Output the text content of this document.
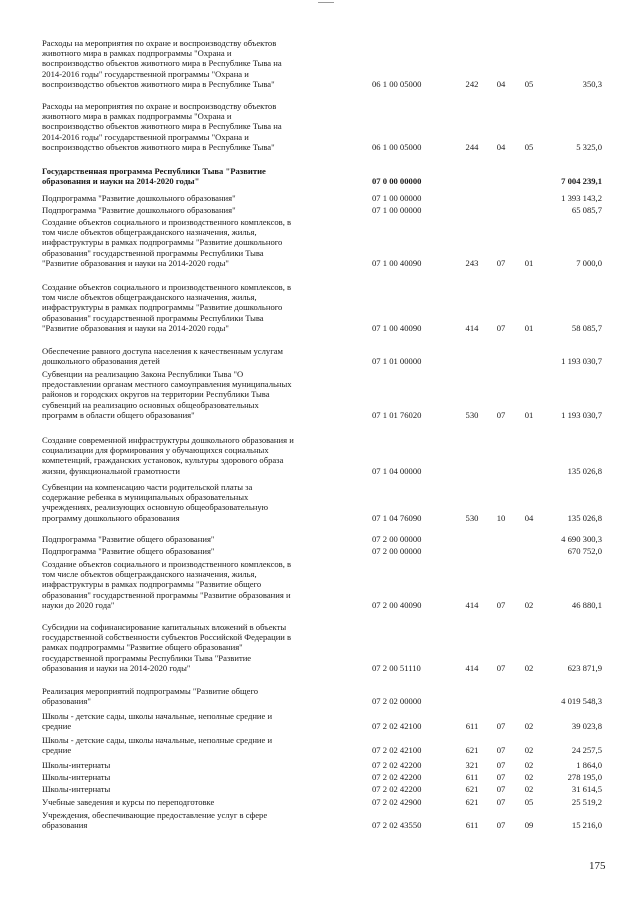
Расходы на мероприятия по охране и воспроизводству объектов
животного мира в рамках подпрограммы "Охрана и
воспроизводство объектов животного мира в Республике Тыва на
2014-2016 годы" государственной программы "Охрана и
воспроизводство объектов животного мира в Республике Тыва"	06 1 00 05000	242	04	05	350,3
Расходы на мероприятия по охране и воспроизводству объектов
животного мира в рамках подпрограммы "Охрана и
воспроизводство объектов животного мира в Республике Тыва на
2014-2016 годы" государственной программы "Охрана и
воспроизводство объектов животного мира в Республике Тыва"	06 1 00 05000	244	04	05	5 325,0
Государственная программа Республики Тыва "Развитие
образования и науки на 2014-2020 годы"	07 0 00 00000	7 004 239,1
Подпрограмма "Развитие дошкольного образования"	07 1 00 00000	1 393 143,2
Подпрограмма "Развитие дошкольного образования"	07 1 00 00000	65 085,7
Создание объектов социального и производственного комплексов, в
том числе объектов общегражданского назначения, жилья,
инфраструктуры в рамках подпрограммы "Развитие дошкольного
образования" государственной программы Республики Тыва
"Развитие образования и науки на 2014-2020 годы"	07 1 00 40090	243	07	01	7 000,0
Создание объектов социального и производственного комплексов, в
том числе объектов общегражданского назначения, жилья,
инфраструктуры в рамках подпрограммы "Развитие дошкольного
образования" государственной программы Республики Тыва
"Развитие образования и науки на 2014-2020 годы"	07 1 00 40090	414	07	01	58 085,7
Обеспечение равного доступа населения к качественным услугам
дошкольного образования детей	07 1 01 00000	1 193 030,7
Субвенции на реализацию Закона Республики Тыва "О
предоставлении органам местного самоуправления муниципальных
районов и городских округов на территории Республики Тыва
субвенций на реализацию основных общеобразовательных
программ в области общего образования"	07 1 01 76020	530	07	01	1 193 030,7
Создание современной инфраструктуры дошкольного образования и
социализации для формирования у обучающихся социальных
компетенций, гражданских установок, культуры здорового образа
жизни, функциональной грамотности	07 1 04 00000	135 026,8
Субвенции на компенсацию части родительской платы за
содержание ребенка в муниципальных образовательных
учреждениях, реализующих основную общеобразовательную
программу дошкольного образования	07 1 04 76090	530	10	04	135 026,8
Подпрограмма "Развитие общего образования"	07 2 00 00000	4 690 300,3
Подпрограмма "Развитие общего образования"	07 2 00 00000	670 752,0
Создание объектов социального и производственного комплексов, в
том числе объектов общегражданского назначения, жилья,
инфраструктуры в рамках подпрограммы "Развитие общего
образования" государственной программы "Развитие образования и
науки до 2020 года"	07 2 00 40090	414	07	02	46 880,1
Субсидии на софинансирование капитальных вложений в объекты
государственной собственности субъектов Российской Федерации в
рамках подпрограммы "Развитие общего образования"
государственной программы Республики Тыва "Развитие
образования и науки на 2014-2020 годы"	07 2 00 51110	414	07	02	623 871,9
Реализация мероприятий подпрограммы "Развитие общего
образования"	07 2 02 00000	4 019 548,3
Школы - детские сады, школы начальные, неполные средние и
средние	07 2 02 42100	611	07	02	39 023,8
Школы - детские сады, школы начальные, неполные средние и
средние	07 2 02 42100	621	07	02	24 257,5
Школы-интернаты	07 2 02 42200	321	07	02	1 864,0
Школы-интернаты	07 2 02 42200	611	07	02	278 195,0
Школы-интернаты	07 2 02 42200	621	07	02	31 614,5
Учебные заведения и курсы по переподготовке	07 2 02 42900	621	07	05	25 519,2
Учреждения, обеспечивающие предоставление услуг в сфере
образования	07 2 02 43550	611	07	09	15 216,0
175
